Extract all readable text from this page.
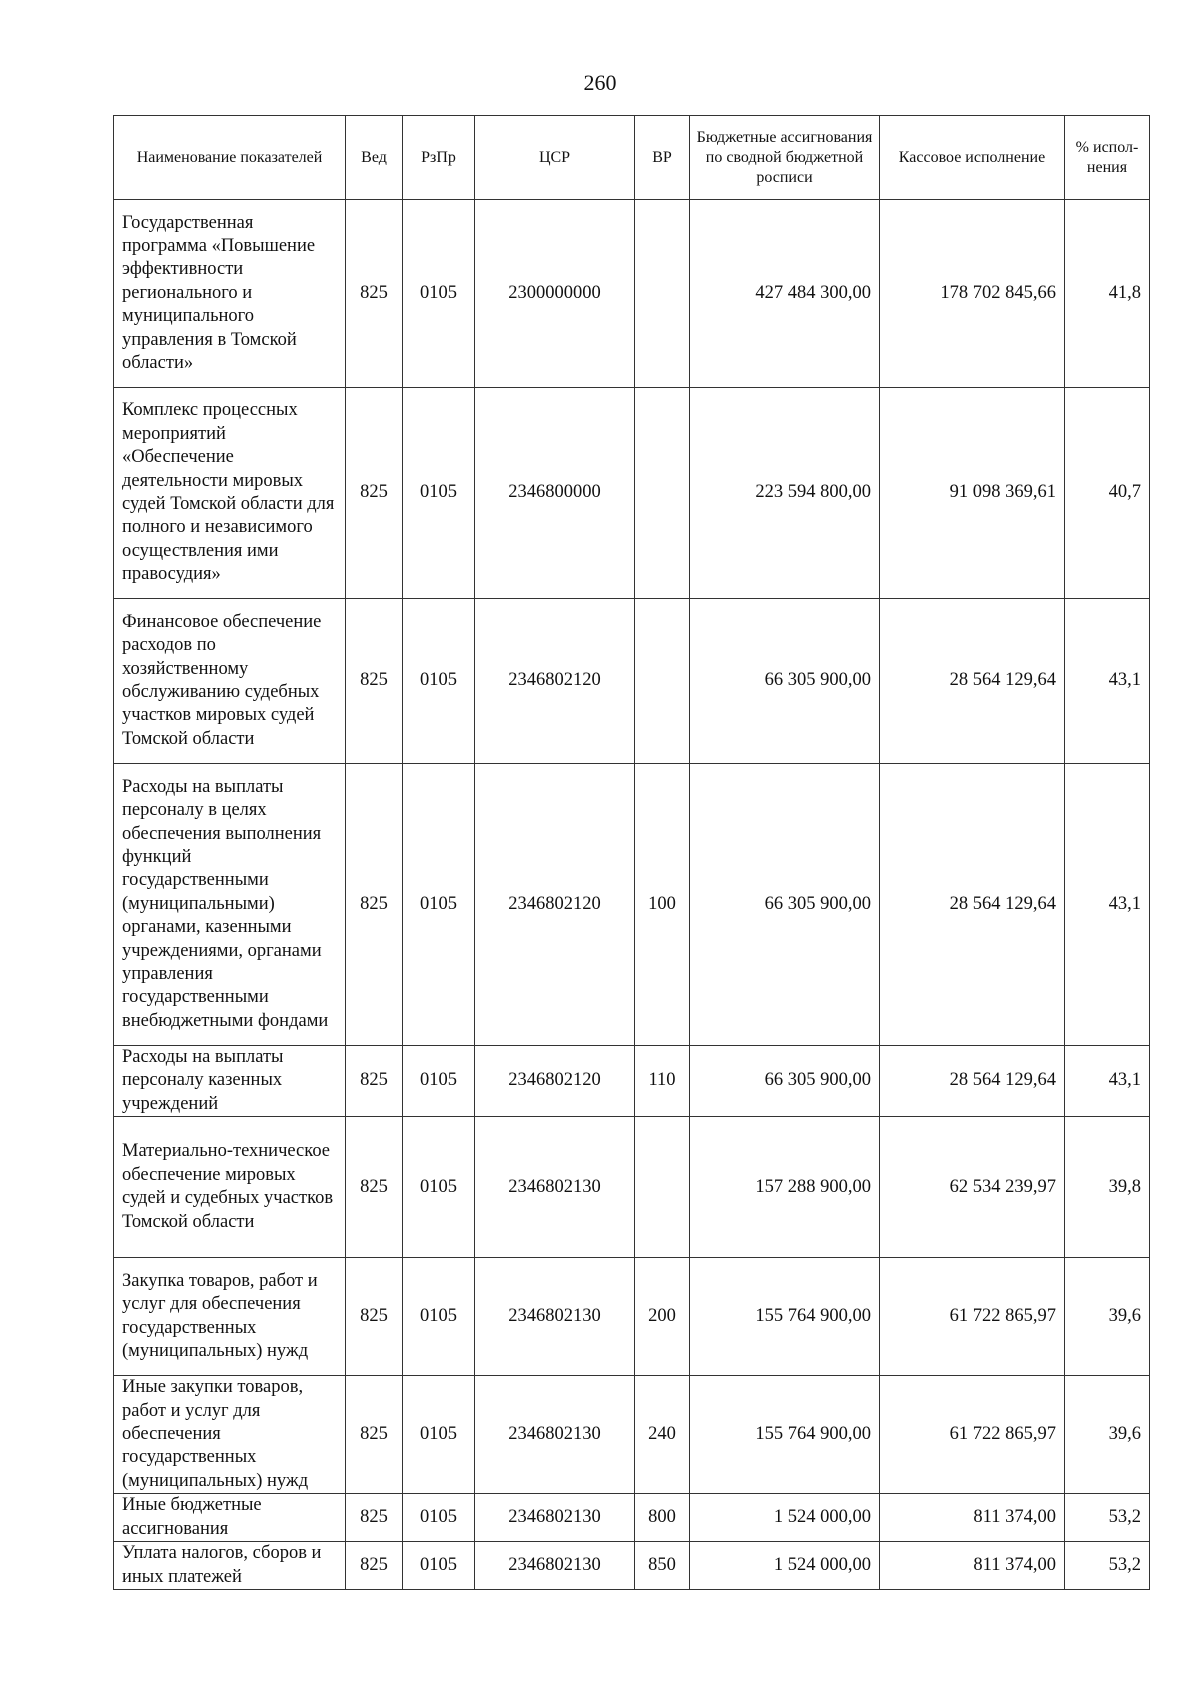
260
Наименование показателей	Вед	РзПр	ЦСР	ВР	Бюджетные ассигнования по сводной бюджетной росписи	Кассовое исполнение	% испол-нения
Государственная программа «Повышение эффективности регионального и муниципального управления в Томской области»	825	0105	2300000000		427 484 300,00	178 702 845,66	41,8
Комплекс процессных мероприятий «Обеспечение деятельности мировых судей Томской области для полного и независимого осуществления ими правосудия»	825	0105	2346800000		223 594 800,00	91 098 369,61	40,7
Финансовое обеспечение расходов по хозяйственному обслуживанию судебных участков мировых судей Томской области	825	0105	2346802120		66 305 900,00	28 564 129,64	43,1
Расходы на выплаты персоналу в целях обеспечения выполнения функций государственными (муниципальными) органами, казенными учреждениями, органами управления государственными внебюджетными фондами	825	0105	2346802120	100	66 305 900,00	28 564 129,64	43,1
Расходы на выплаты персоналу казенных учреждений	825	0105	2346802120	110	66 305 900,00	28 564 129,64	43,1
Материально-техническое обеспечение мировых судей и судебных участков Томской области	825	0105	2346802130		157 288 900,00	62 534 239,97	39,8
Закупка товаров, работ и услуг для обеспечения государственных (муниципальных) нужд	825	0105	2346802130	200	155 764 900,00	61 722 865,97	39,6
Иные закупки товаров, работ и услуг для обеспечения государственных (муниципальных) нужд	825	0105	2346802130	240	155 764 900,00	61 722 865,97	39,6
Иные бюджетные ассигнования	825	0105	2346802130	800	1 524 000,00	811 374,00	53,2
Уплата налогов, сборов и иных платежей	825	0105	2346802130	850	1 524 000,00	811 374,00	53,2
